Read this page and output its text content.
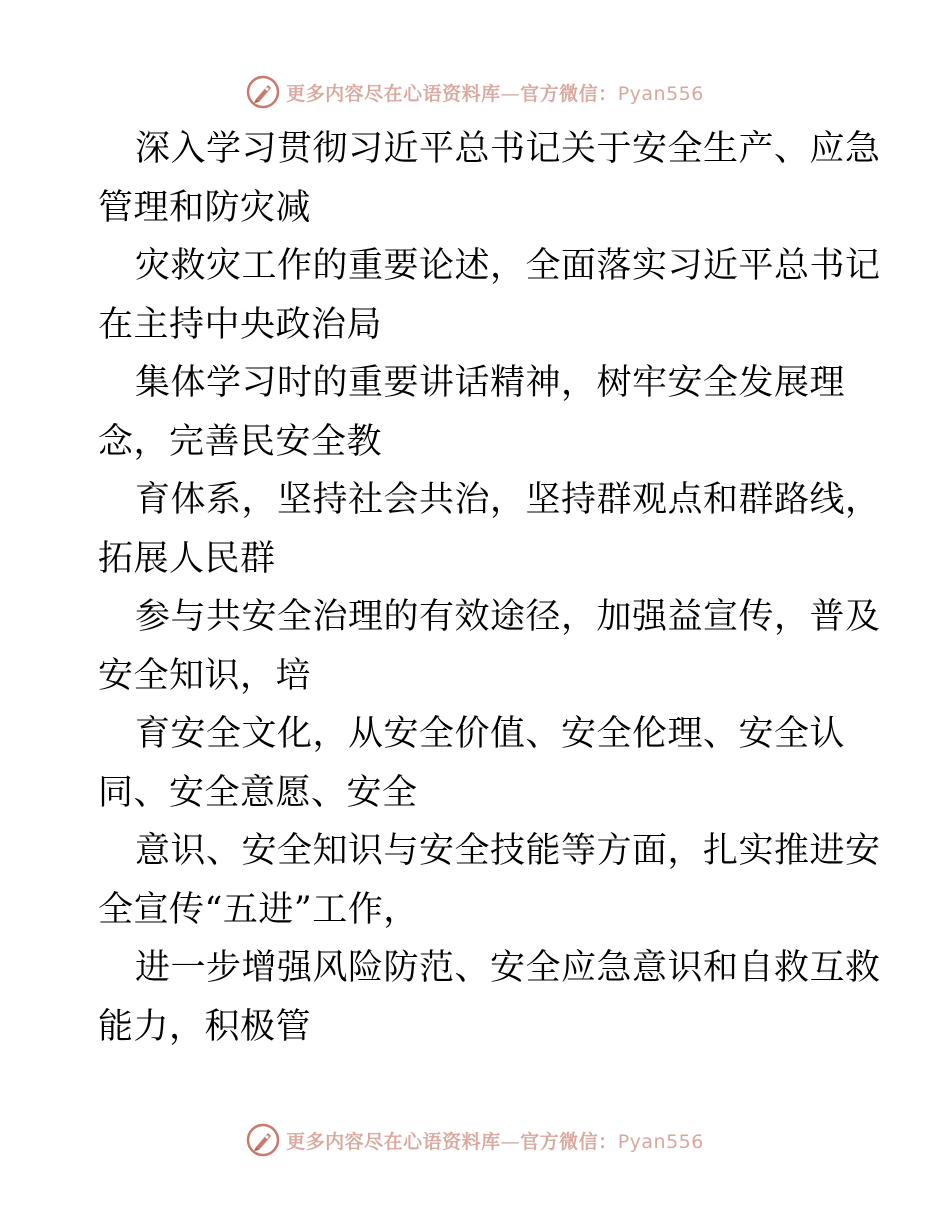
更多内容尽在心语资料库—官方微信：Pyan556
深入学习贯彻习近平总书记关于安全生产、应急
管理和防灾减
灾救灾工作的重要论述，全面落实习近平总书记
在主持中央政治局
集体学习时的重要讲话精神，树牢安全发展理
念，完善民安全教
育体系，坚持社会共治，坚持群观点和群路线，
拓展人民群
参与共安全治理的有效途径，加强益宣传，普及
安全知识，培
育安全文化，从安全价值、安全伦理、安全认
同、安全意愿、安全
意识、安全知识与安全技能等方面，扎实推进安
全宣传“五进”工作，
进一步增强风险防范、安全应急意识和自救互救
能力，积极管
更多内容尽在心语资料库—官方微信：Pyan556
